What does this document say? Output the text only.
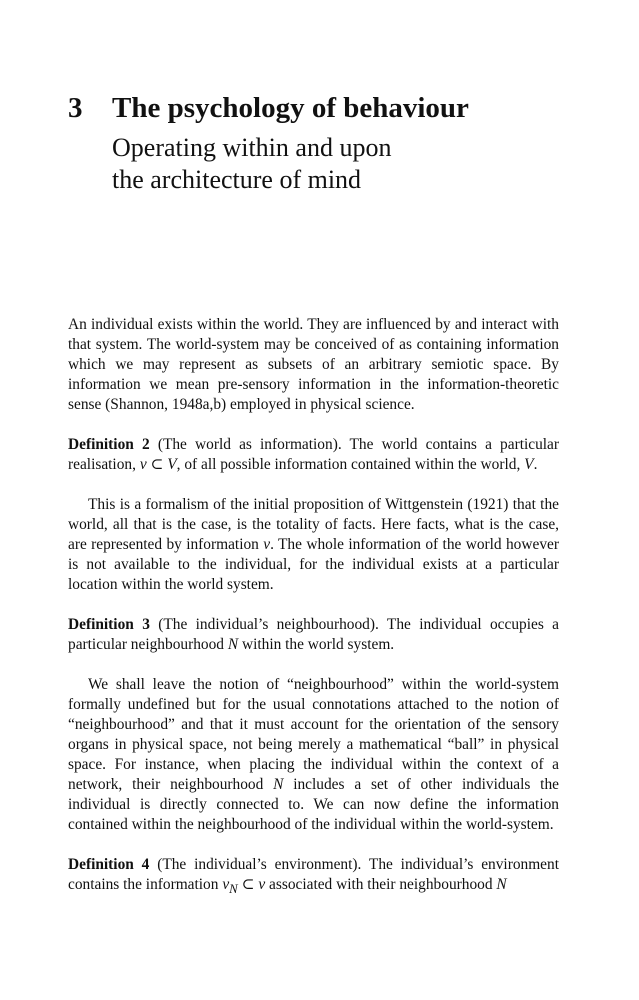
3	The psychology of behaviour
Operating within and upon
the architecture of mind

An individual exists within the world. They are influenced by and interact with that system. The world-system may be conceived of as containing information which we may represent as subsets of an arbitrary semiotic space. By information we mean pre-sensory information in the information-theoretic sense (Shannon, 1948a,b) employed in physical science.

Definition 2 (The world as information). The world contains a particular realisation, v ⊂ V, of all possible information contained within the world, V.

This is a formalism of the initial proposition of Wittgenstein (1921) that the world, all that is the case, is the totality of facts. Here facts, what is the case, are represented by information v. The whole information of the world however is not available to the individual, for the individual exists at a particular location within the world system.

Definition 3 (The individual’s neighbourhood). The individual occupies a particular neighbourhood N within the world system.

We shall leave the notion of “neighbourhood” within the world-system formally undefined but for the usual connotations attached to the notion of “neighbourhood” and that it must account for the orientation of the sensory organs in physical space, not being merely a mathematical “ball” in physical space. For instance, when placing the individual within the context of a network, their neighbourhood N includes a set of other individuals the individual is directly connected to. We can now define the information contained within the neighbourhood of the individual within the world-system.

Definition 4 (The individual’s environment). The individual’s environment contains the information $v_N$ ⊂ v associated with their neighbourhood N
